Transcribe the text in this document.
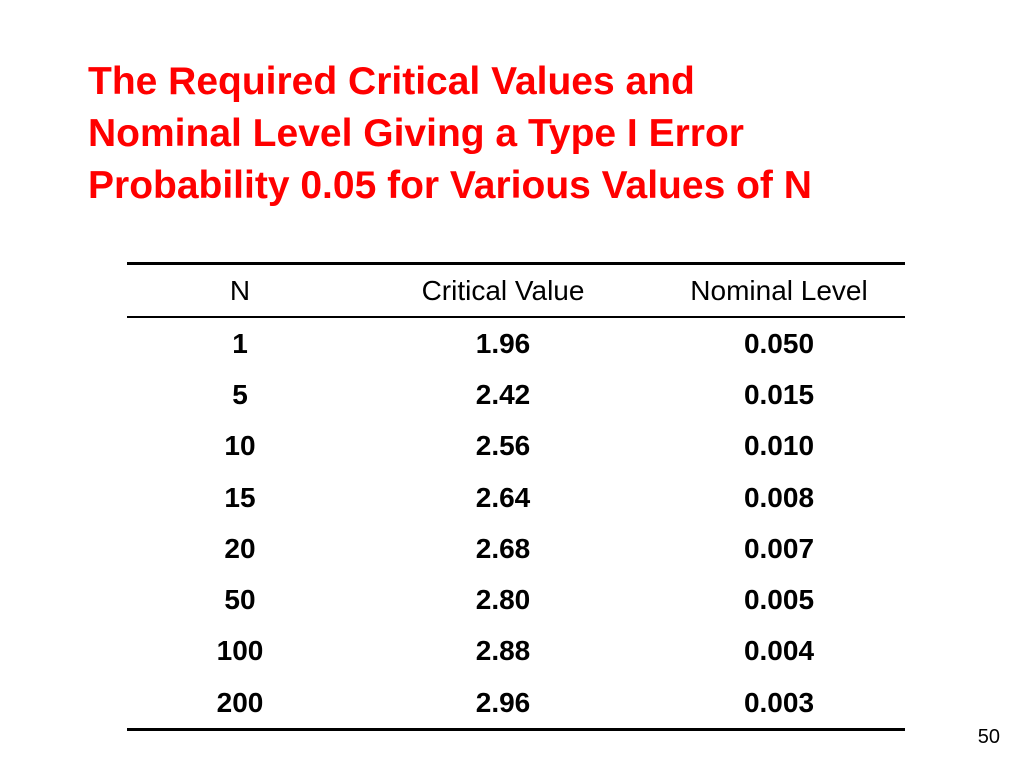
The Required Critical Values and
Nominal Level Giving a Type I Error
Probability 0.05 for Various Values of N
N	Critical Value	Nominal Level
1	1.96	0.050
5	2.42	0.015
10	2.56	0.010
15	2.64	0.008
20	2.68	0.007
50	2.80	0.005
100	2.88	0.004
200	2.96	0.003
50
